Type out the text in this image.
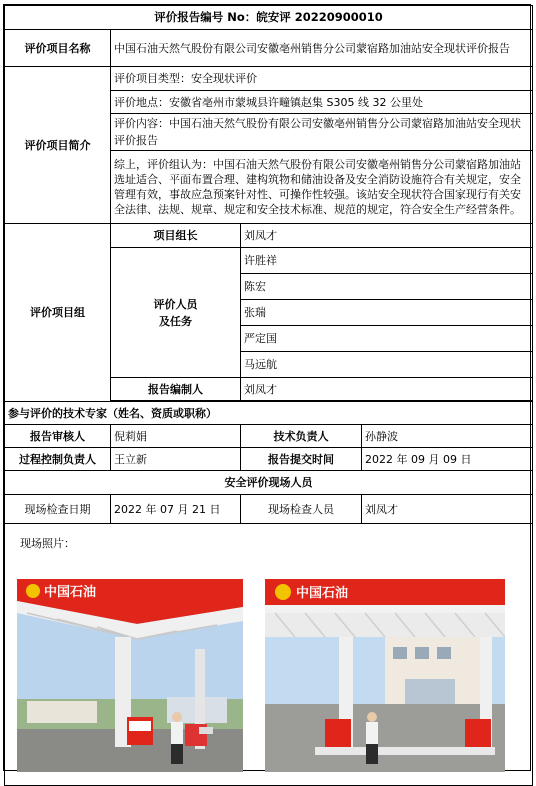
评价报告编号 No：皖安评 20220900010			
评价项目名称	中国石油天然气股份有限公司安徽亳州销售分公司蒙宿路加油站安全现状评价报告		
评价项目简介	评价项目类型：安全现状评价		
	评价地点：安徽省亳州市蒙城县许疃镇赵集 S305 线 32 公里处		
	评价内容：中国石油天然气股份有限公司安徽亳州销售分公司蒙宿路加油站安全现状评价报告		
	综上，评价组认为：中国石油天然气股份有限公司安徽亳州销售分公司蒙宿路加油站选址适合、平面布置合理、建构筑物和储油设备及安全消防设施符合有关规定，安全管理有效，事故应急预案针对性、可操作性较强。该站安全现状符合国家现行有关安全法律、法规、规章、规定和安全技术标准、规范的规定，符合安全生产经营条件。		
评价项目组	项目组长	刘凤才	

	评价人员
及任务	许胜祥	
		陈宏	
		张瑞	
		严定国	
		马远航	
	报告编制人	刘凤才	

参与评价的技术专家（姓名、资质或职称）			
报告审核人	倪莉娟	技术负责人	孙静波
过程控制负责人	王立新	报告提交时间	2022 年 09 月 09 日
安全评价现场人员			
现场检查日期	2022 年 07 月 21 日	现场检查人员	刘凤才

现场照片：
中国石油 中国石油			
